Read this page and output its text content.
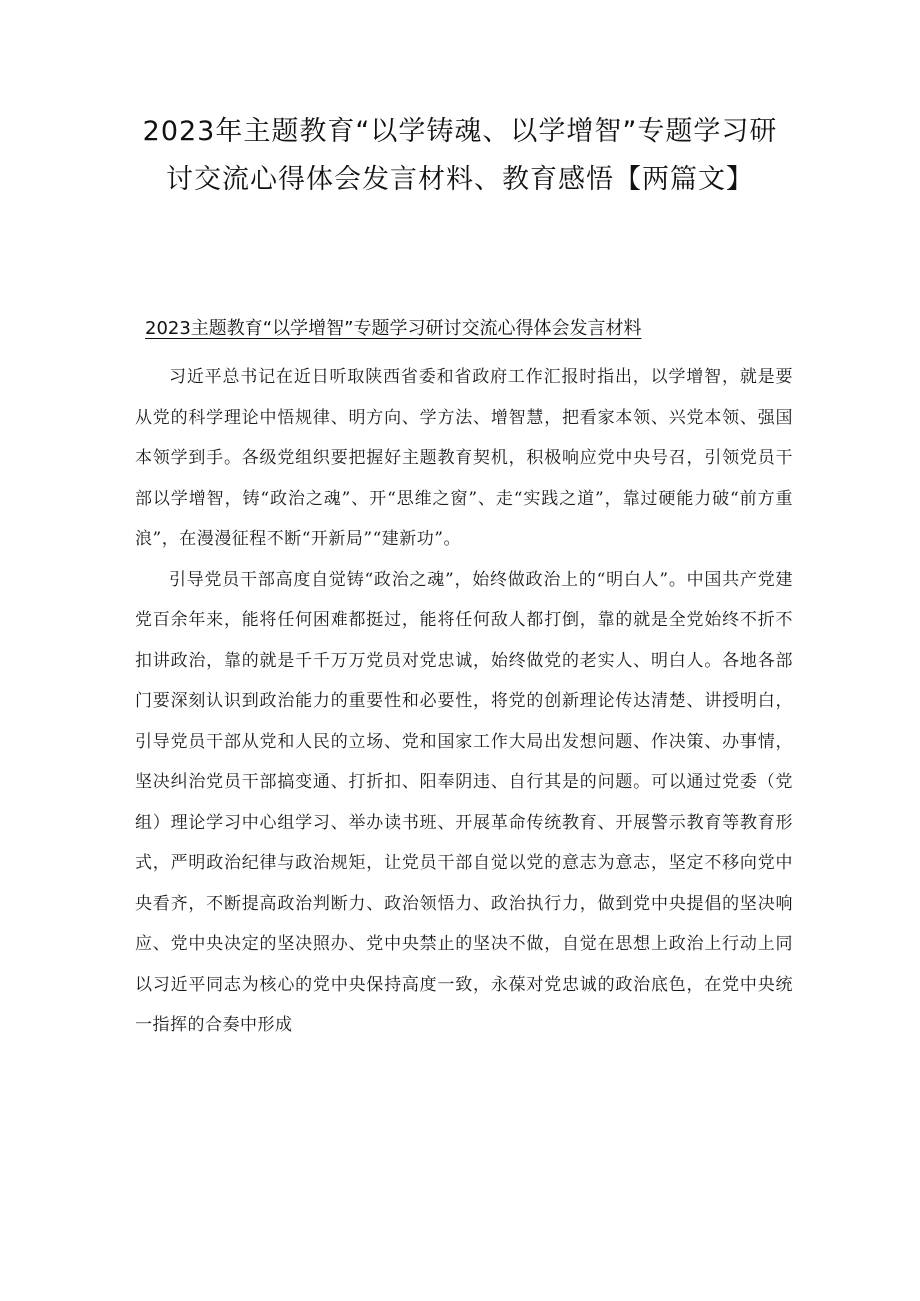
2023年主题教育“以学铸魂、以学增智”专题学习研
讨交流心得体会发言材料、教育感悟【两篇文】
2023主题教育“以学增智”专题学习研讨交流心得体会发言材料

习近平总书记在近日听取陕西省委和省政府工作汇报时指出，以学增智，就是要从党的科学理论中悟规律、明方向、学方法、增智慧，把看家本领、兴党本领、强国本领学到手。各级党组织要把握好主题教育契机，积极响应党中央号召，引领党员干部以学增智，铸“政治之魂”、开“思维之窗”、走“实践之道”，靠过硬能力破“前方重浪”，在漫漫征程不断“开新局”“建新功”。

引导党员干部高度自觉铸“政治之魂”，始终做政治上的“明白人”。中国共产党建党百余年来，能将任何困难都挺过，能将任何敌人都打倒，靠的就是全党始终不折不扣讲政治，靠的就是千千万万党员对党忠诚，始终做党的老实人、明白人。各地各部门要深刻认识到政治能力的重要性和必要性，将党的创新理论传达清楚、讲授明白，引导党员干部从党和人民的立场、党和国家工作大局出发想问题、作决策、办事情，坚决纠治党员干部搞变通、打折扣、阳奉阴违、自行其是的问题。可以通过党委（党组）理论学习中心组学习、举办读书班、开展革命传统教育、开展警示教育等教育形式，严明政治纪律与政治规矩，让党员干部自觉以党的意志为意志，坚定不移向党中央看齐，不断提高政治判断力、政治领悟力、政治执行力，做到党中央提倡的坚决响应、党中央决定的坚决照办、党中央禁止的坚决不做，自觉在思想上政治上行动上同以习近平同志为核心的党中央保持高度一致，永葆对党忠诚的政治底色，在党中央统一指挥的合奏中形成
